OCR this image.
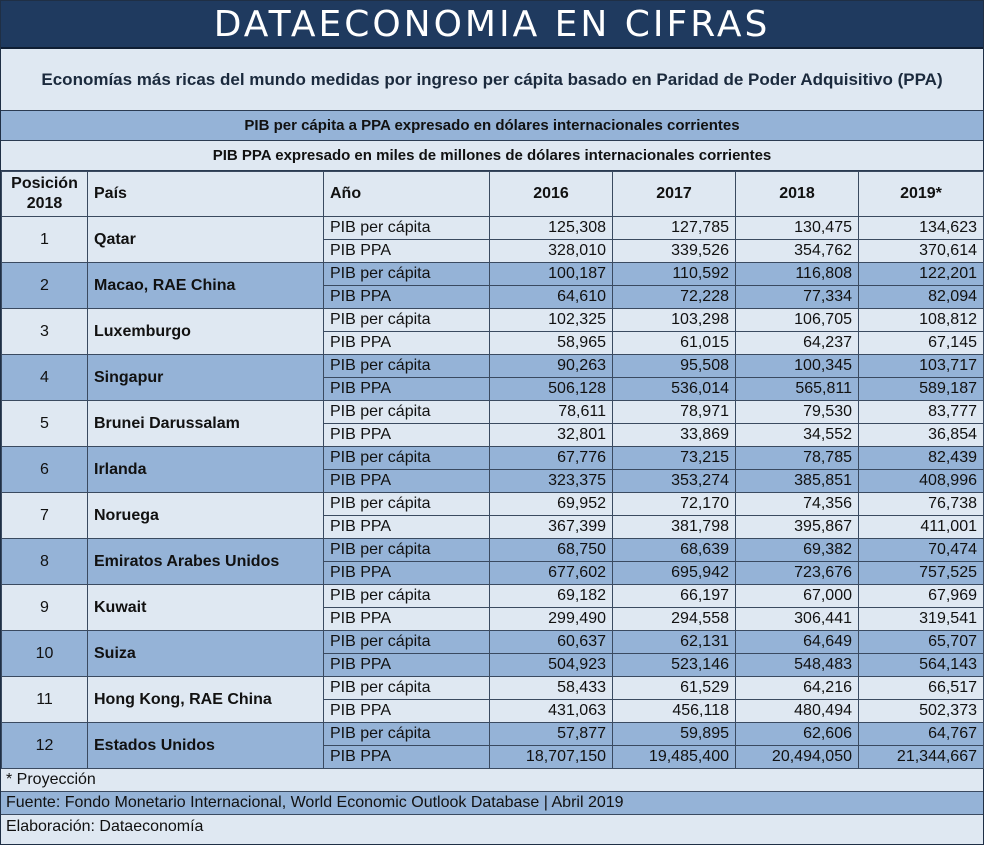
DATAECONOMIA EN CIFRAS
Economías más ricas del mundo medidas por ingreso per cápita basado en Paridad de Poder Adquisitivo (PPA)
PIB per cápita a PPA expresado en dólares internacionales corrientes
PIB PPA expresado en miles de millones de dólares internacionales corrientes
Posición 2018	País	Año	2016	2017	2018	2019*
1	Qatar	PIB per cápita	125,308	127,785	130,475	134,623
		PIB PPA	328,010	339,526	354,762	370,614
2	Macao, RAE China	PIB per cápita	100,187	110,592	116,808	122,201
		PIB PPA	64,610	72,228	77,334	82,094
3	Luxemburgo	PIB per cápita	102,325	103,298	106,705	108,812
		PIB PPA	58,965	61,015	64,237	67,145
4	Singapur	PIB per cápita	90,263	95,508	100,345	103,717
		PIB PPA	506,128	536,014	565,811	589,187
5	Brunei Darussalam	PIB per cápita	78,611	78,971	79,530	83,777
		PIB PPA	32,801	33,869	34,552	36,854
6	Irlanda	PIB per cápita	67,776	73,215	78,785	82,439
		PIB PPA	323,375	353,274	385,851	408,996
7	Noruega	PIB per cápita	69,952	72,170	74,356	76,738
		PIB PPA	367,399	381,798	395,867	411,001
8	Emiratos Arabes Unidos	PIB per cápita	68,750	68,639	69,382	70,474
		PIB PPA	677,602	695,942	723,676	757,525
9	Kuwait	PIB per cápita	69,182	66,197	67,000	67,969
		PIB PPA	299,490	294,558	306,441	319,541
10	Suiza	PIB per cápita	60,637	62,131	64,649	65,707
		PIB PPA	504,923	523,146	548,483	564,143
11	Hong Kong, RAE China	PIB per cápita	58,433	61,529	64,216	66,517
		PIB PPA	431,063	456,118	480,494	502,373
12	Estados Unidos	PIB per cápita	57,877	59,895	62,606	64,767
		PIB PPA	18,707,150	19,485,400	20,494,050	21,344,667
* Proyección
Fuente: Fondo Monetario Internacional, World Economic Outlook Database | Abril 2019
Elaboración: Dataeconomía
